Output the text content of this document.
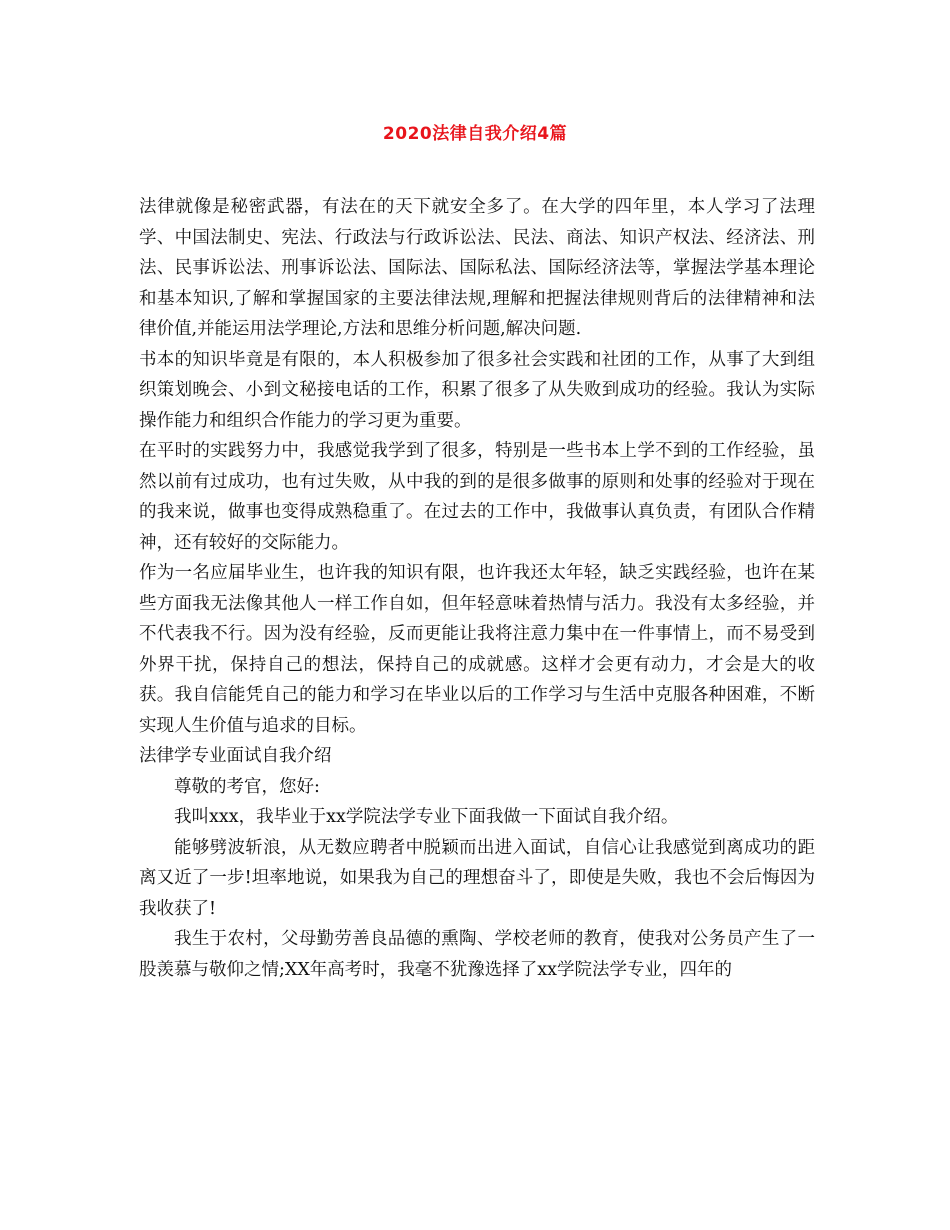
2020法律自我介绍4篇

法律就像是秘密武器，有法在的天下就安全多了。在大学的四年里，本人学习了法理学、中国法制史、宪法、行政法与行政诉讼法、民法、商法、知识产权法、经济法、刑法、民事诉讼法、刑事诉讼法、国际法、国际私法、国际经济法等，掌握法学基本理论和基本知识,了解和掌握国家的主要法律法规,理解和把握法律规则背后的法律精神和法律价值,并能运用法学理论,方法和思维分析问题,解决问题.

书本的知识毕竟是有限的，本人积极参加了很多社会实践和社团的工作，从事了大到组织策划晚会、小到文秘接电话的工作，积累了很多了从失败到成功的经验。我认为实际操作能力和组织合作能力的学习更为重要。

在平时的实践努力中，我感觉我学到了很多，特别是一些书本上学不到的工作经验，虽然以前有过成功，也有过失败，从中我的到的是很多做事的原则和处事的经验对于现在的我来说，做事也变得成熟稳重了。在过去的工作中，我做事认真负责，有团队合作精神，还有较好的交际能力。

作为一名应届毕业生，也许我的知识有限，也许我还太年轻，缺乏实践经验，也许在某些方面我无法像其他人一样工作自如，但年轻意味着热情与活力。我没有太多经验，并不代表我不行。因为没有经验，反而更能让我将注意力集中在一件事情上，而不易受到外界干扰，保持自己的想法，保持自己的成就感。这样才会更有动力，才会是大的收获。我自信能凭自己的能力和学习在毕业以后的工作学习与生活中克服各种困难，不断实现人生价值与追求的目标。

法律学专业面试自我介绍

尊敬的考官，您好:

我叫xxx，我毕业于xx学院法学专业下面我做一下面试自我介绍。

能够劈波斩浪，从无数应聘者中脱颖而出进入面试，自信心让我感觉到离成功的距离又近了一步!坦率地说，如果我为自己的理想奋斗了，即使是失败，我也不会后悔因为我收获了!

我生于农村，父母勤劳善良品德的熏陶、学校老师的教育，使我对公务员产生了一股羡慕与敬仰之情;XX年高考时，我毫不犹豫选择了xx学院法学专业，四年的
